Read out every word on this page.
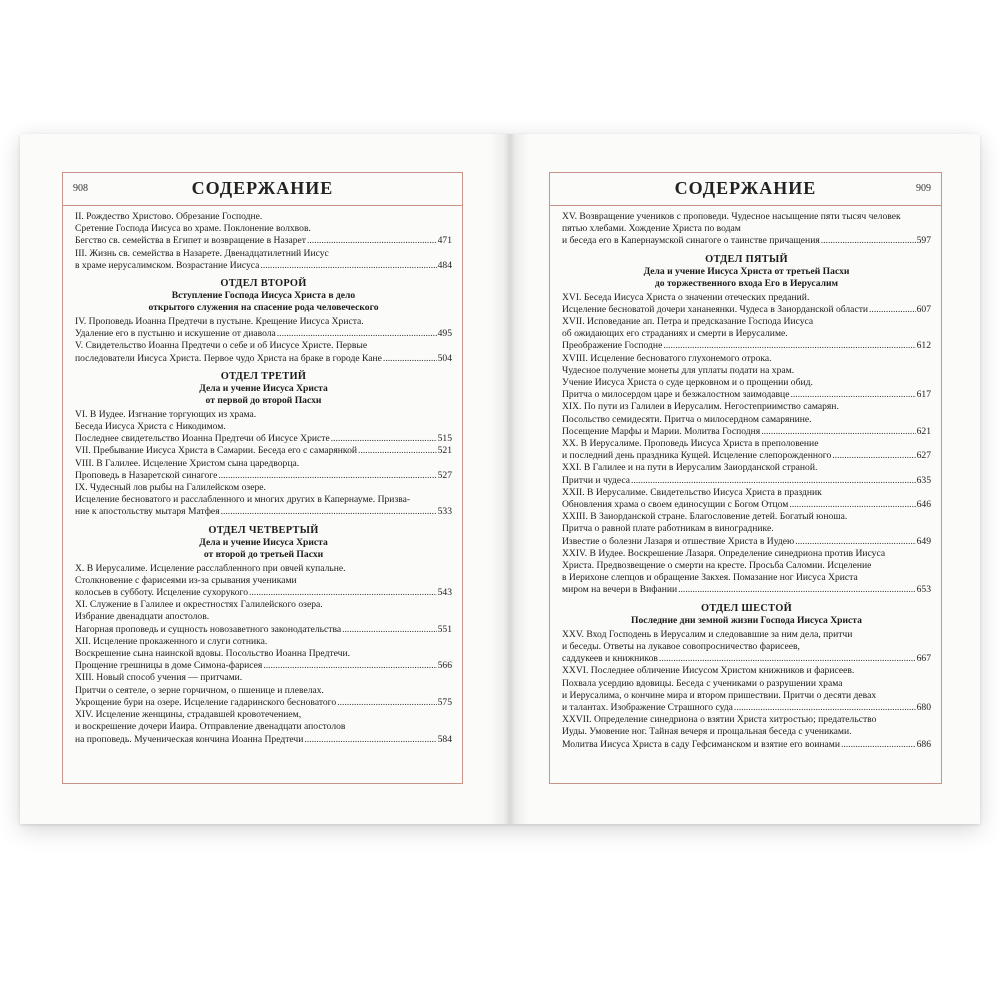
908	СОДЕРЖАНИЕ
II. Рождество Христово. Обрезание Господне.
Сретение Господа Иисуса во храме. Поклонение волхвов.
Бегство св. семейства в Египет и возвращение в Назарет .....	471
III. Жизнь св. семейства в Назарете. Двенадцатилетний Иисус
в храме иерусалимском. Возрастание Иисуса .....	484
ОТДЕЛ ВТОРОЙ
Вступление Господа Иисуса Христа в дело
открытого служения на спасение рода человеческого
IV. Проповедь Иоанна Предтечи в пустыне. Крещение Иисуса Христа.
Удаление его в пустыню и искушение от диавола .....	495
V. Свидетельство Иоанна Предтечи о себе и об Иисусе Христе. Первые
последователи Иисуса Христа. Первое чудо Христа на браке в городе Кане .....	504
ОТДЕЛ ТРЕТИЙ
Дела и учение Иисуса Христа
от первой до второй Пасхи
VI. В Иудее. Изгнание торгующих из храма.
Беседа Иисуса Христа с Никодимом.
Последнее свидетельство Иоанна Предтечи об Иисусе Христе .....	515
VII. Пребывание Иисуса Христа в Самарии. Беседа его с самарянкой .....	521
VIII. В Галилее. Исцеление Христом сына царедворца.
Проповедь в Назаретской синагоге .....	527
IX. Чудесный лов рыбы на Галилейском озере.
Исцеление бесноватого и расслабленного и многих других в Капернауме. Призва-
ние к апостольству мытаря Матфея .....	533
ОТДЕЛ ЧЕТВЕРТЫЙ
Дела и учение Иисуса Христа
от второй до третьей Пасхи
X. В Иерусалиме. Исцеление расслабленного при овчей купальне.
Столкновение с фарисеями из-за срывания учениками
колосьев в субботу. Исцеление сухорукого .....	543
XI. Служение в Галилее и окрестностях Галилейского озера.
Избрание двенадцати апостолов.
Нагорная проповедь и сущность новозаветного законодательства .....	551
XII. Исцеление прокаженного и слуги сотника.
Воскрешение сына наинской вдовы. Посольство Иоанна Предтечи.
Прощение грешницы в доме Симона-фарисея .....	566
XIII. Новый способ учения — притчами.
Притчи о сеятеле, о зерне горчичном, о пшенице и плевелах.
Укрощение бури на озере. Исцеление гадаринского бесноватого .....	575
XIV. Исцеление женщины, страдавшей кровотечением,
и воскрешение дочери Иаира. Отправление двенадцати апостолов
на проповедь. Мученическая кончина Иоанна Предтечи .....	584
СОДЕРЖАНИЕ	909
XV. Возвращение учеников с проповеди. Чудесное насыщение пяти тысяч человек
пятью хлебами. Хождение Христа по водам
и беседа его в Капернаумской синагоге о таинстве причащения .....	597
ОТДЕЛ ПЯТЫЙ
Дела и учение Иисуса Христа от третьей Пасхи
до торжественного входа Его в Иерусалим
XVI. Беседа Иисуса Христа о значении отеческих преданий.
Исцеление бесноватой дочери хананеянки. Чудеса в Заиорданской области .....	607
XVII. Исповедание ап. Петра и предсказание Господа Иисуса
об ожидающих его страданиях и смерти в Иерусалиме.
Преображение Господне .....	612
XVIII. Исцеление бесноватого глухонемого отрока.
Чудесное получение монеты для уплаты подати на храм.
Учение Иисуса Христа о суде церковном и о прощении обид.
Притча о милосердом царе и безжалостном заимодавце .....	617
XIX. По пути из Галилеи в Иерусалим. Негостеприимство самарян.
Посольство семидесяти. Притча о милосердном самарянине.
Посещение Марфы и Марии. Молитва Господня .....	621
XX. В Иерусалиме. Проповедь Иисуса Христа в преполовение
и последний день праздника Кущей. Исцеление слепорожденного .....	627
XXI. В Галилее и на пути в Иерусалим Заиорданской страной.
Притчи и чудеса .....	635
XXII. В Иерусалиме. Свидетельство Иисуса Христа в праздник
Обновления храма о своем единосущии с Богом Отцом .....	646
XXIII. В Заиорданской стране. Благословение детей. Богатый юноша.
Притча о равной плате работникам в винограднике.
Известие о болезни Лазаря и отшествие Христа в Иудею .....	649
XXIV. В Иудее. Воскрешение Лазаря. Определение синедриона против Иисуса
Христа. Предвозвещение о смерти на кресте. Просьба Саломии. Исцеление
в Иерихоне слепцов и обращение Закхея. Помазание ног Иисуса Христа
миром на вечери в Вифании .....	653
ОТДЕЛ ШЕСТОЙ
Последние дни земной жизни Господа Иисуса Христа
XXV. Вход Господень в Иерусалим и следовавшие за ним дела, притчи
и беседы. Ответы на лукавое совопросничество фарисеев,
саддукеев и книжников .....	667
XXVI. Последнее обличение Иисусом Христом книжников и фарисеев.
Похвала усердию вдовицы. Беседа с учениками о разрушении храма
и Иерусалима, о кончине мира и втором пришествии. Притчи о десяти девах
и талантах. Изображение Страшного суда .....	680
XXVII. Определение синедриона о взятии Христа хитростью; предательство
Иуды. Умовение ног. Тайная вечеря и прощальная беседа с учениками.
Молитва Иисуса Христа в саду Гефсиманском и взятие его воинами .....	686
